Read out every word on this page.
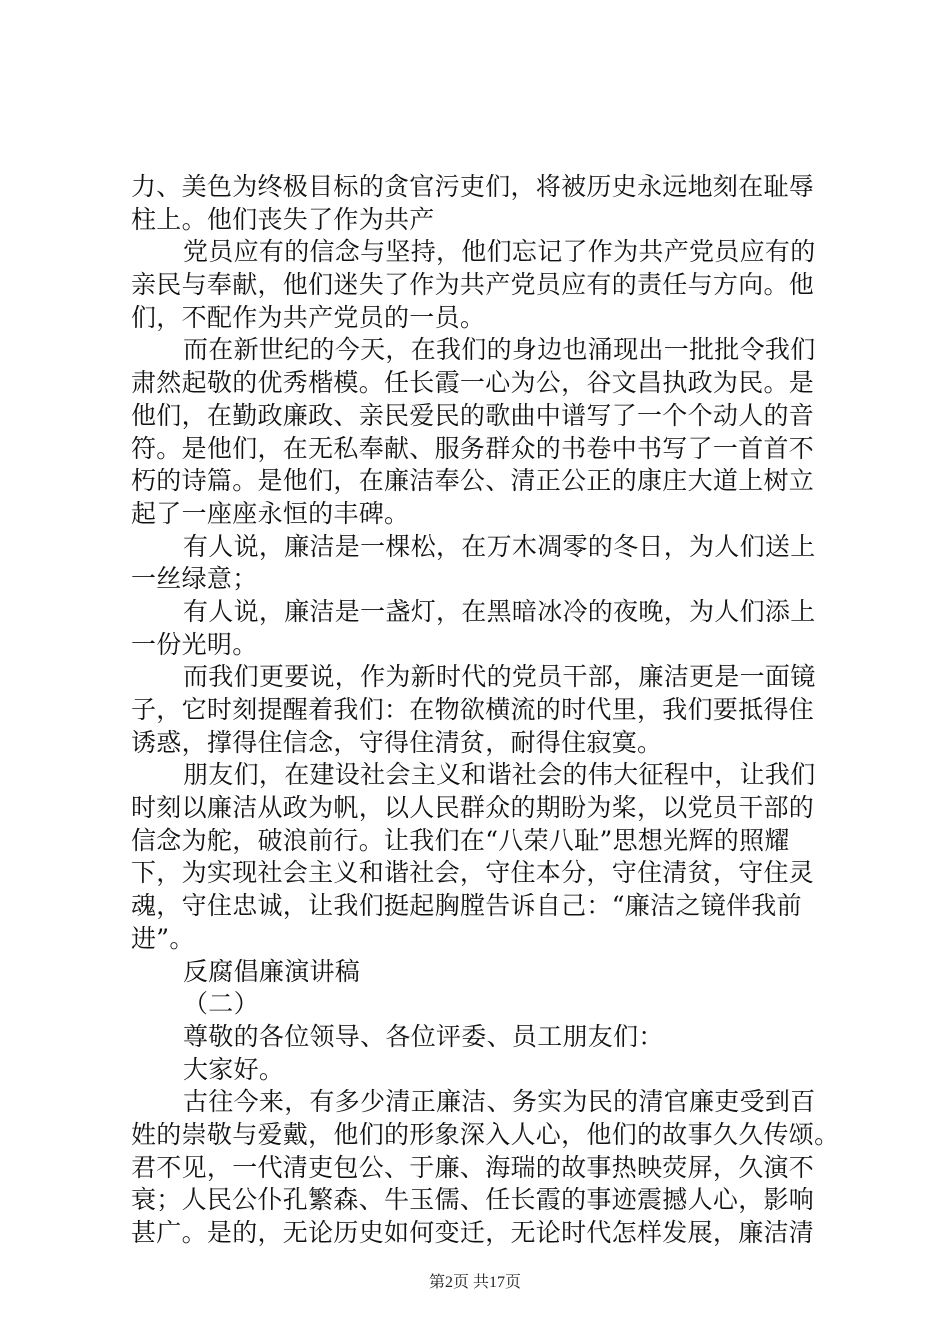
力、美色为终极目标的贪官污吏们，将被历史永远地刻在耻辱
柱上。他们丧失了作为共产
党员应有的信念与坚持，他们忘记了作为共产党员应有的
亲民与奉献，他们迷失了作为共产党员应有的责任与方向。他
们，不配作为共产党员的一员。
而在新世纪的今天，在我们的身边也涌现出一批批令我们
肃然起敬的优秀楷模。任长霞一心为公，谷文昌执政为民。是
他们，在勤政廉政、亲民爱民的歌曲中谱写了一个个动人的音
符。是他们，在无私奉献、服务群众的书卷中书写了一首首不
朽的诗篇。是他们，在廉洁奉公、清正公正的康庄大道上树立
起了一座座永恒的丰碑。
有人说，廉洁是一棵松，在万木凋零的冬日，为人们送上
一丝绿意；
有人说，廉洁是一盏灯，在黑暗冰冷的夜晚，为人们添上
一份光明。
而我们更要说，作为新时代的党员干部，廉洁更是一面镜
子，它时刻提醒着我们：在物欲横流的时代里，我们要抵得住
诱惑，撑得住信念，守得住清贫，耐得住寂寞。
朋友们，在建设社会主义和谐社会的伟大征程中，让我们
时刻以廉洁从政为帆，以人民群众的期盼为桨，以党员干部的
信念为舵，破浪前行。让我们在“八荣八耻”思想光辉的照耀
下，为实现社会主义和谐社会，守住本分，守住清贫，守住灵
魂，守住忠诚，让我们挺起胸膛告诉自己：“廉洁之镜伴我前
进”。
反腐倡廉演讲稿
（二）
尊敬的各位领导、各位评委、员工朋友们：
大家好。
古往今来，有多少清正廉洁、务实为民的清官廉吏受到百
姓的崇敬与爱戴，他们的形象深入人心，他们的故事久久传颂。
君不见，一代清吏包公、于廉、海瑞的故事热映荧屏，久演不
衰；人民公仆孔繁森、牛玉儒、任长霞的事迹震撼人心，影响
甚广。是的，无论历史如何变迁，无论时代怎样发展，廉洁清
第2页 共17页
